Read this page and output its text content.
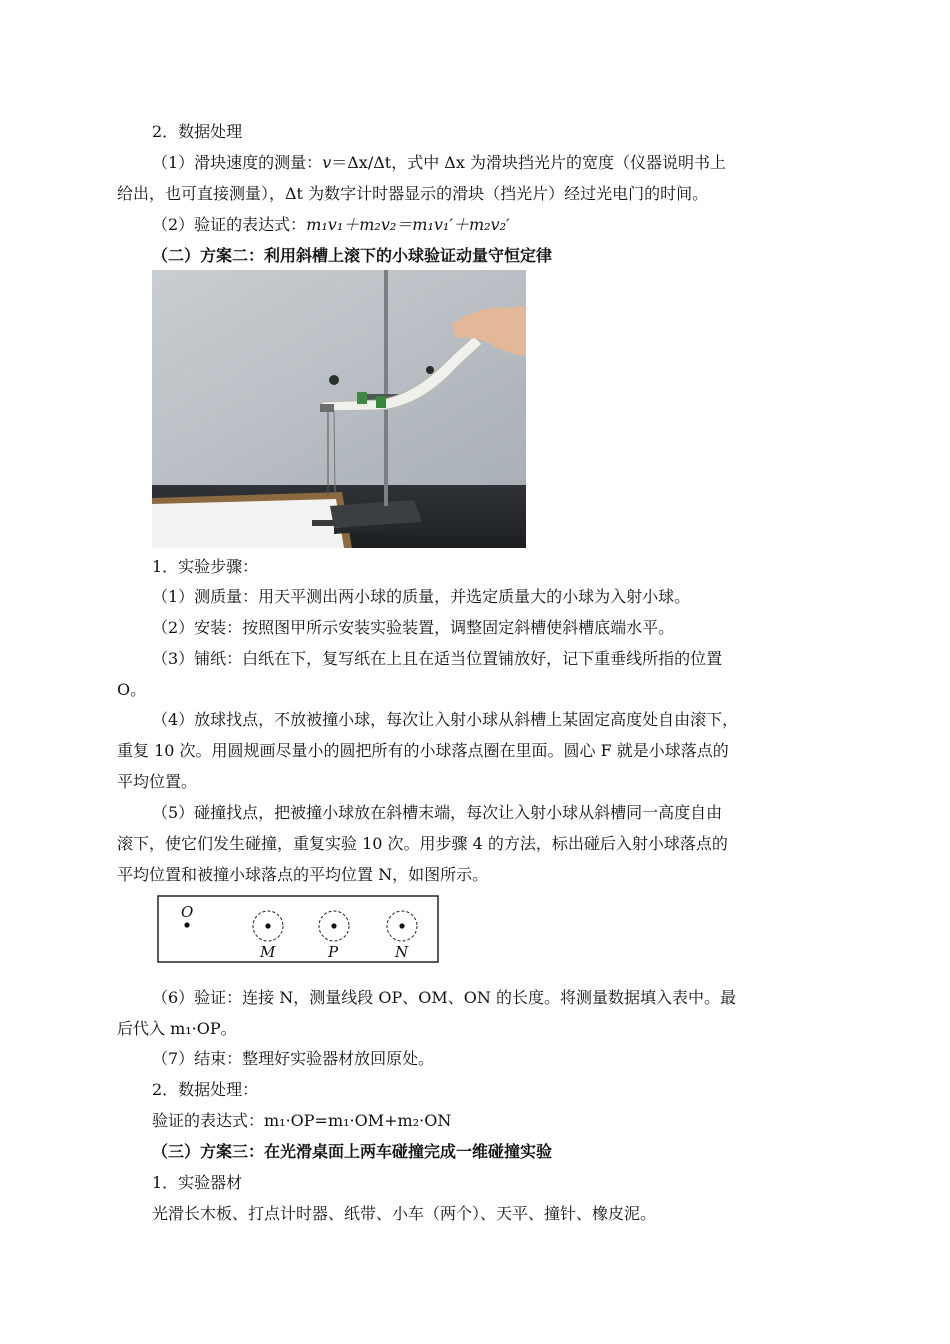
2．数据处理
（1）滑块速度的测量：v＝Δx/Δt，式中 Δx 为滑块挡光片的宽度（仪器说明书上
给出，也可直接测量），Δt 为数字计时器显示的滑块（挡光片）经过光电门的时间。
（2）验证的表达式：m₁v₁＋m₂v₂＝m₁v₁′＋m₂v₂′
（二）方案二：利用斜槽上滚下的小球验证动量守恒定律
1．实验步骤：
（1）测质量：用天平测出两小球的质量，并选定质量大的小球为入射小球。
（2）安装：按照图甲所示安装实验装置，调整固定斜槽使斜槽底端水平。
（3）铺纸：白纸在下，复写纸在上且在适当位置铺放好，记下重垂线所指的位置
O。
（4）放球找点，不放被撞小球，每次让入射小球从斜槽上某固定高度处自由滚下，
重复 10 次。用圆规画尽量小的圆把所有的小球落点圈在里面。圆心 F 就是小球落点的
平均位置。
（5）碰撞找点，把被撞小球放在斜槽末端，每次让入射小球从斜槽同一高度自由
滚下，使它们发生碰撞，重复实验 10 次。用步骤 4 的方法，标出碰后入射小球落点的
平均位置和被撞小球落点的平均位置 N，如图所示。
O
M	P	N
（6）验证：连接 N，测量线段 OP、OM、ON 的长度。将测量数据填入表中。最
后代入 m₁·OP。
（7）结束：整理好实验器材放回原处。
2．数据处理：
验证的表达式：m₁·OP=m₁·OM+m₂·ON
（三）方案三：在光滑桌面上两车碰撞完成一维碰撞实验
1．实验器材
光滑长木板、打点计时器、纸带、小车（两个）、天平、撞针、橡皮泥。
